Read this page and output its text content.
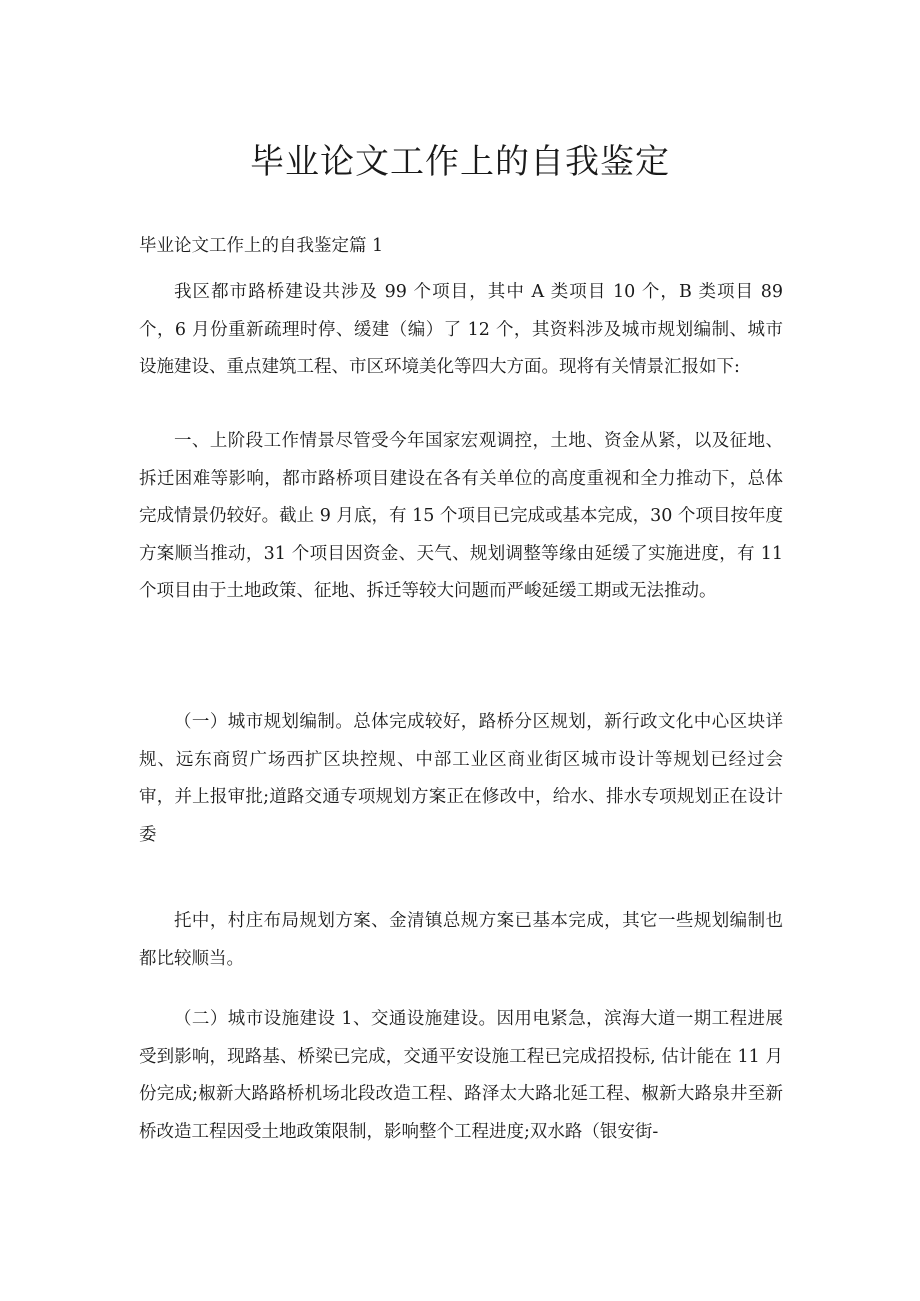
毕业论文工作上的自我鉴定

毕业论文工作上的自我鉴定篇 1

我区都市路桥建设共涉及 99 个项目，其中 A 类项目 10 个，B 类项目 89 个，6 月份重新疏理时停、缓建（编）了 12 个，其资料涉及城市规划编制、城市设施建设、重点建筑工程、市区环境美化等四大方面。现将有关情景汇报如下:

一、上阶段工作情景尽管受今年国家宏观调控，土地、资金从紧，以及征地、拆迁困难等影响，都市路桥项目建设在各有关单位的高度重视和全力推动下，总体完成情景仍较好。截止 9 月底，有 15 个项目已完成或基本完成，30 个项目按年度方案顺当推动，31 个项目因资金、天气、规划调整等缘由延缓了实施进度，有 11 个项目由于土地政策、征地、拆迁等较大问题而严峻延缓工期或无法推动。

（一）城市规划编制。总体完成较好，路桥分区规划，新行政文化中心区块详规、远东商贸广场西扩区块控规、中部工业区商业街区城市设计等规划已经过会审，并上报审批;道路交通专项规划方案正在修改中，给水、排水专项规划正在设计委

托中，村庄布局规划方案、金清镇总规方案已基本完成，其它一些规划编制也都比较顺当。

（二）城市设施建设 1、交通设施建设。因用电紧急，滨海大道一期工程进展受到影响，现路基、桥梁已完成，交通平安设施工程已完成招投标, 估计能在 11 月份完成;椒新大路路桥机场北段改造工程、路泽太大路北延工程、椒新大路泉井至新桥改造工程因受土地政策限制，影响整个工程进度;双水路（银安街-
